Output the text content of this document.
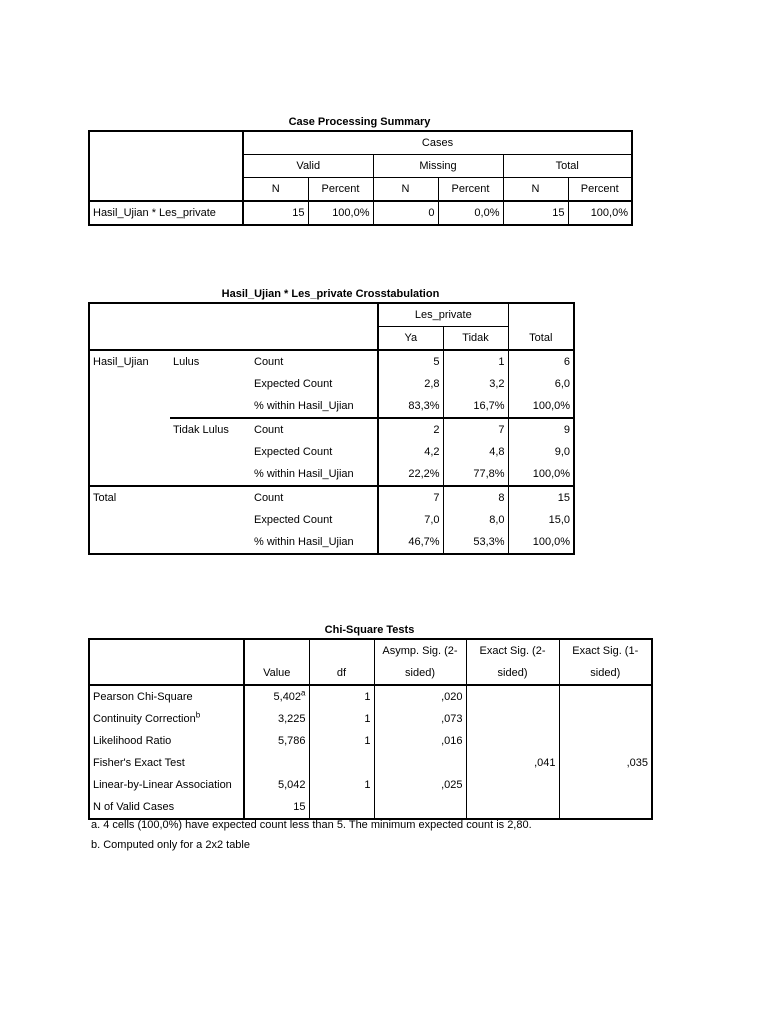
Case Processing Summary
	Cases					
	Valid		Missing		Total	
	N	Percent	N	Percent	N	Percent
Hasil_Ujian * Les_private	15	100,0%	0	0,0%	15	100,0%
Hasil_Ujian * Les_private Crosstabulation
			Les_private		
			Ya	Tidak	Total
Hasil_Ujian	Lulus	Count	5	1	6
		Expected Count	2,8	3,2	6,0
		% within Hasil_Ujian	83,3%	16,7%	100,0%
	Tidak Lulus	Count	2	7	9
		Expected Count	4,2	4,8	9,0
		% within Hasil_Ujian	22,2%	77,8%	100,0%
Total		Count	7	8	15
		Expected Count	7,0	8,0	15,0
		% within Hasil_Ujian	46,7%	53,3%	100,0%
Chi-Square Tests
			Asymp. Sig. (2-	Exact Sig. (2-	Exact Sig. (1-
	Value	df	sided)	sided)	sided)
Pearson Chi-Square	5,402$^a$	1	,020		
Continuity Correction$^b$	3,225	1	,073		
Likelihood Ratio	5,786	1	,016		
Fisher's Exact Test				,041	,035
Linear-by-Linear Association	5,042	1	,025		
N of Valid Cases	15				
a. 4 cells (100,0%) have expected count less than 5. The minimum expected count is 2,80.
b. Computed only for a 2x2 table
